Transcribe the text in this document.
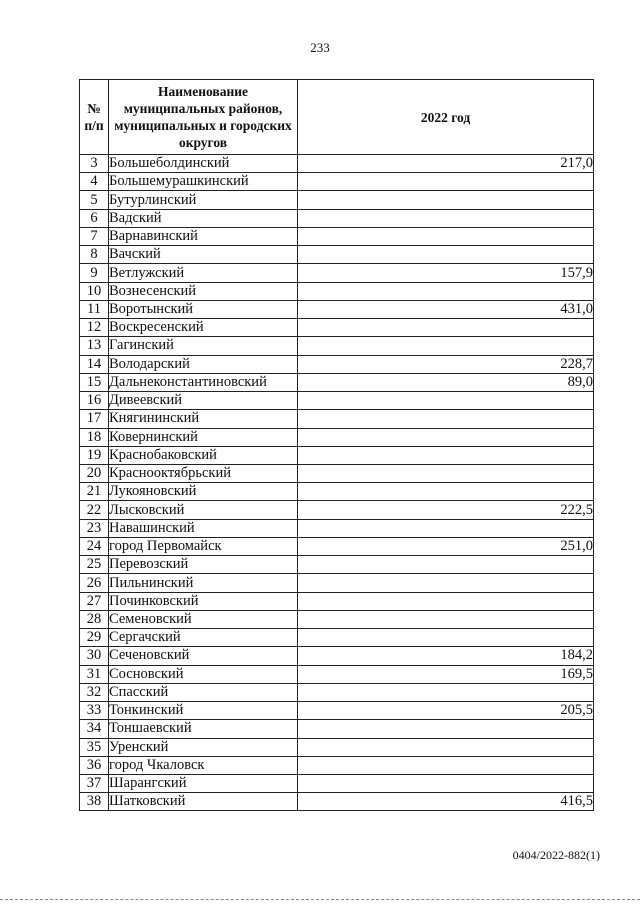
233
№ п/п	Наименование муниципальных районов, муниципальных и городских округов	2022 год
3	Большеболдинский	217,0
4	Большемурашкинский	
5	Бутурлинский	
6	Вадский	
7	Варнавинский	
8	Вачский	
9	Ветлужский	157,9
10	Вознесенский	
11	Воротынский	431,0
12	Воскресенский	
13	Гагинский	
14	Володарский	228,7
15	Дальнеконстантиновский	89,0
16	Дивеевский	
17	Княгининский	
18	Ковернинский	
19	Краснобаковский	
20	Краснооктябрьский	
21	Лукояновский	
22	Лысковский	222,5
23	Навашинский	
24	город Первомайск	251,0
25	Перевозский	
26	Пильнинский	
27	Починковский	
28	Семеновский	
29	Сергачский	
30	Сеченовский	184,2
31	Сосновский	169,5
32	Спасский	
33	Тонкинский	205,5
34	Тоншаевский	
35	Уренский	
36	город Чкаловск	
37	Шарангский	
38	Шатковский	416,5
0404/2022-882(1)
